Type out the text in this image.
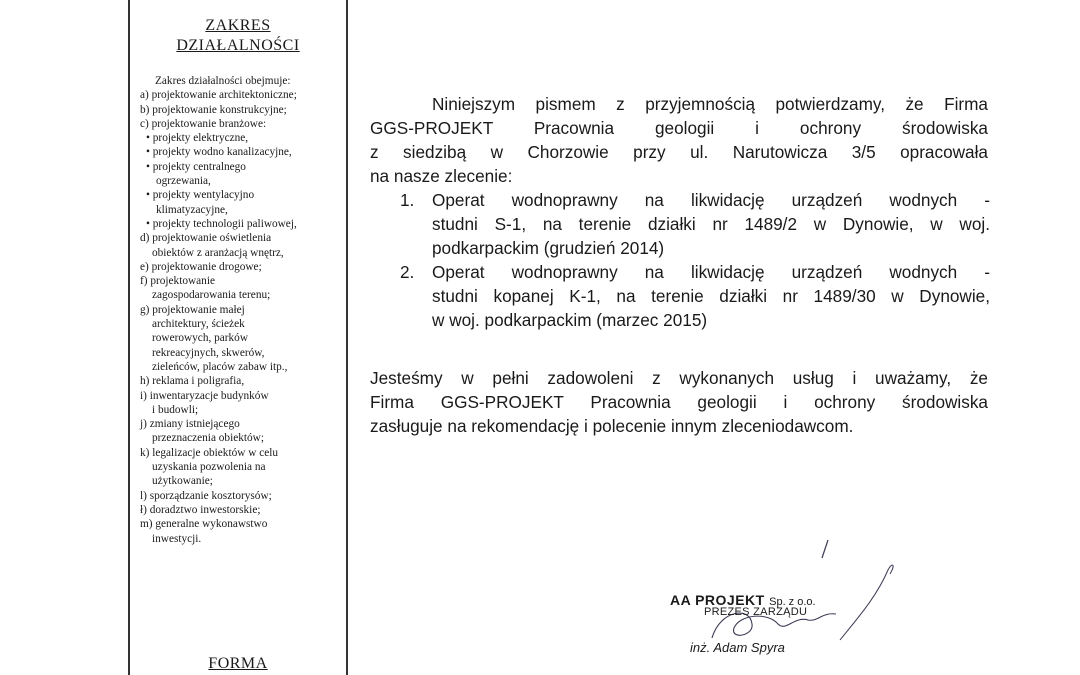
ZAKRES
DZIAŁALNOŚCI
Zakres działalności obejmuje:
a) projektowanie architektoniczne;
b) projektowanie konstrukcyjne;
c) projektowanie branżowe:
• projekty elektryczne,
• projekty wodno kanalizacyjne,
• projekty centralnego
ogrzewania,
• projekty wentylacyjno
klimatyzacyjne,
• projekty technologii paliwowej,
d) projektowanie oświetlenia
obiektów z aranżacją wnętrz,
e) projektowanie drogowe;
f) projektowanie
zagospodarowania terenu;
g) projektowanie małej
architektury, ścieżek
rowerowych, parków
rekreacyjnych, skwerów,
zieleńców, placów zabaw itp.,
h) reklama i poligrafia,
i) inwentaryzacje budynków
i budowli;
j) zmiany istniejącego
przeznaczenia obiektów;
k) legalizacje obiektów w celu
uzyskania pozwolenia na
użytkowanie;
l) sporządzanie kosztorysów;
ł) doradztwo inwestorskie;
m) generalne wykonawstwo
inwestycji.
FORMA

Niniejszym pismem z przyjemnością potwierdzamy, że Firma
GGS-PROJEKT Pracownia geologii i ochrony środowiska
z siedzibą w Chorzowie przy ul. Narutowicza 3/5 opracowała
na nasze zlecenie:

1. Operat wodnoprawny na likwidację urządzeń wodnych -
studni S-1, na terenie działki nr 1489/2 w Dynowie, w woj.
podkarpackim (grudzień 2014)
2. Operat wodnoprawny na likwidację urządzeń wodnych -
studni kopanej K-1, na terenie działki nr 1489/30 w Dynowie,
w woj. podkarpackim (marzec 2015)

Jesteśmy w pełni zadowoleni z wykonanych usług i uważamy, że
Firma GGS-PROJEKT Pracownia geologii i ochrony środowiska
zasługuje na rekomendację i polecenie innym zleceniodawcom.

AA PROJEKT Sp. z o.o.
PREZES ZARZĄDU
inż. Adam Spyra
